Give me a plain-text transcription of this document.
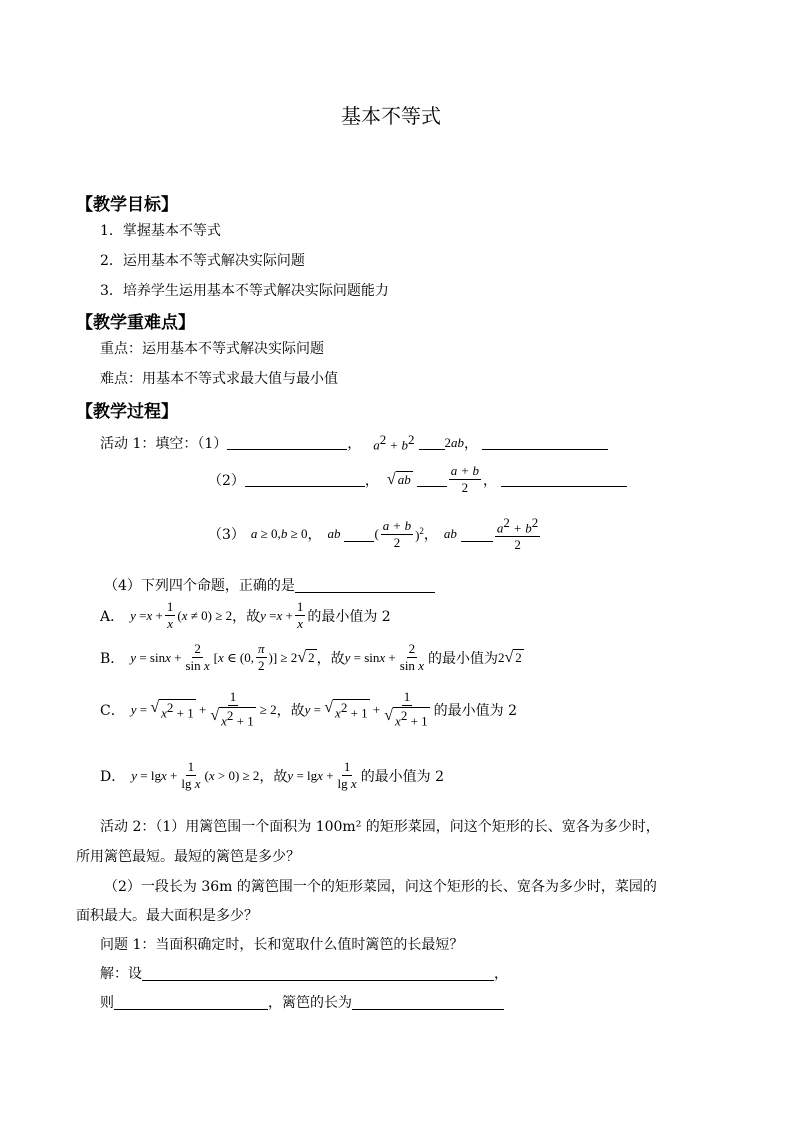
基本不等式
【教学目标】
1．掌握基本不等式
2．运用基本不等式解决实际问题
3．培养学生运用基本不等式解决实际问题能力
【教学重难点】
重点：运用基本不等式解决实际问题
难点：用基本不等式求最大值与最小值
【教学过程】
活动 1：填空：（1）	， $a^2 + b^2$ 2 ab ，
（2）	， √ ab	$\frac{a + b}{2}$ ，
（3） a ≥ 0, b ≥ 0 ， ab	( $\frac{a + b}{2} )^2$ ， ab	$\frac{a^2 + b^2}{2}$
（4）下列四个命题，正确的是
A． $y = x + \frac{1}{x}$ ( x ≠ 0) ≥ 2 ，故 $y = x + \frac{1}{x}$ 的最小值为 2
B． $y = \sin x + \frac{2}{\text{sin x}}$ [ x ∈ (0, $\frac{\pi}{2}$ )] ≥ 2 √ 2 ，故 $y = \sin x + \frac{2}{\text{sin x}}$ 的最小值为 2 √ 2
C． y = √ $x^2 + 1 + \frac{1}{√ x^2 + 1} \ge 2$ ，故 y = √ $x^2 + 1 + \frac{1}{√ x^2 + 1}$ 的最小值为 2
D． $y = \lg x + \frac{1}{\text{lg x}}$ ( x > 0) ≥ 2 ，故 $y = \lg x + \frac{1}{\text{lg x}}$ 的最小值为 2
活动 2：（1）用篱笆围一个面积为 100m² 的矩形菜园，问这个矩形的长、宽各为多少时，
所用篱笆最短。最短的篱笆是多少？
（2）一段长为 36m 的篱笆围一个的矩形菜园，问这个矩形的长、宽各为多少时，菜园的
面积最大。最大面积是多少？
问题 1：当面积确定时，长和宽取什么值时篱笆的长最短？
解：设	，
则	，篱笆的长为
